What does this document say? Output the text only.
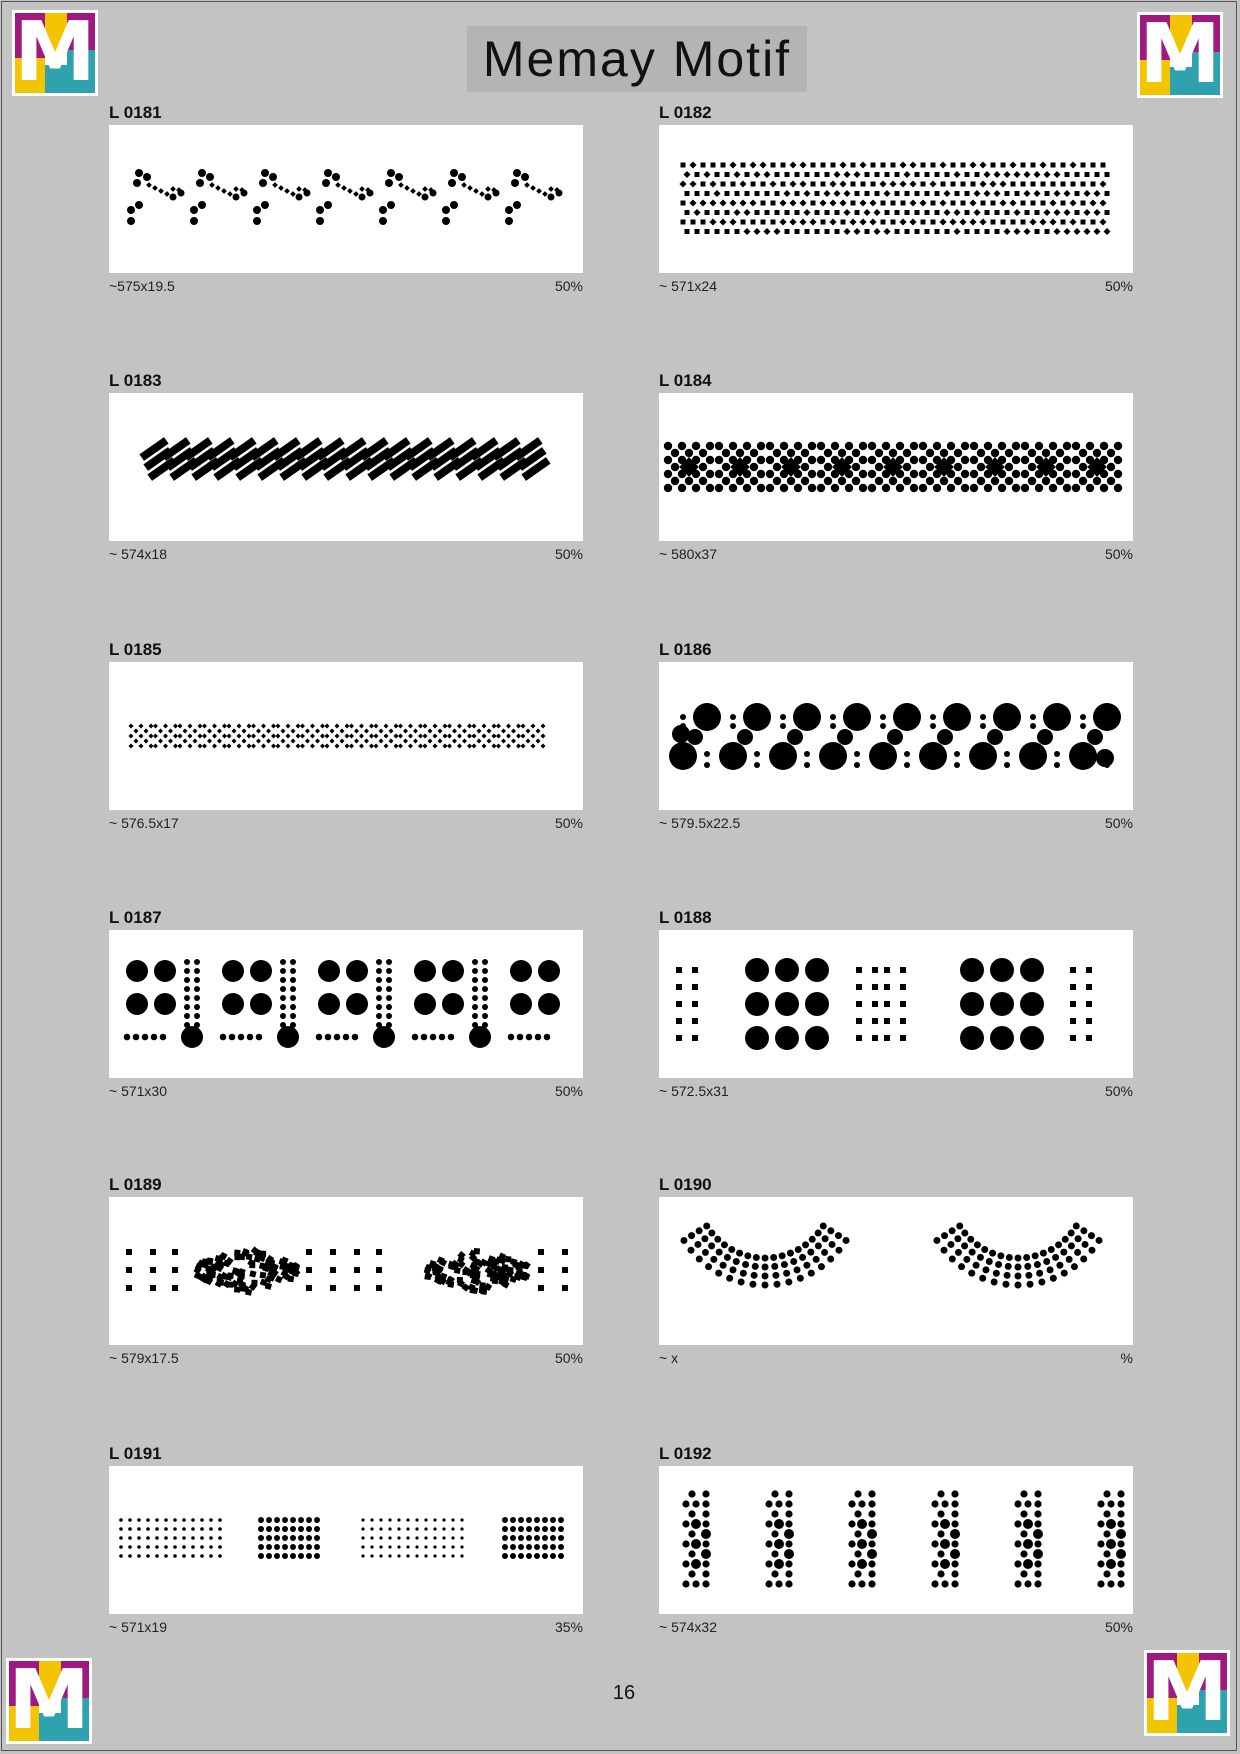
Memay Motif
M	M
M	M
L 0181
~575x19.5	50%
L 0182
~ 571x24	50%
L 0183
~ 574x18	50%
L 0184
~ 580x37	50%
L 0185
~ 576.5x17	50%
L 0186
~ 579.5x22.5	50%
L 0187
~ 571x30	50%
L 0188
~ 572.5x31	50%
L 0189
~ 579x17.5	50%
L 0190
~ x	%
L 0191
~ 571x19	35%
L 0192
~ 574x32	50%
16
